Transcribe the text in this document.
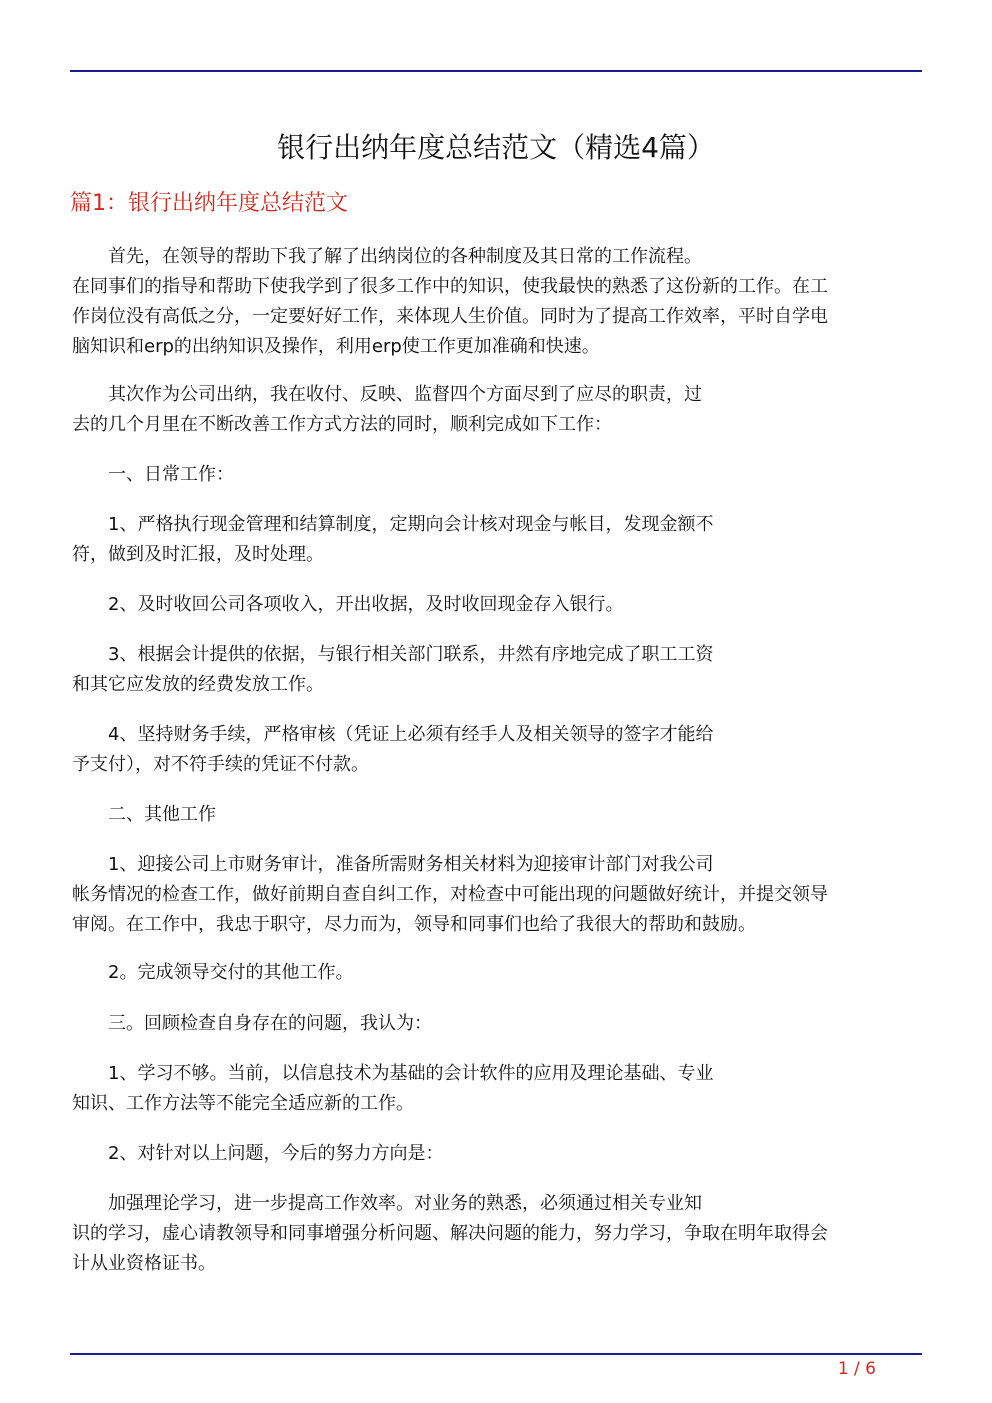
银行出纳年度总结范文（精选4篇）
篇1：银行出纳年度总结范文
首先，在领导的帮助下我了解了出纳岗位的各种制度及其日常的工作流程。
在同事们的指导和帮助下使我学到了很多工作中的知识，使我最快的熟悉了这份新的工作。在工
作岗位没有高低之分，一定要好好工作，来体现人生价值。同时为了提高工作效率，平时自学电
脑知识和erp的出纳知识及操作，利用erp使工作更加准确和快速。
其次作为公司出纳，我在收付、反映、监督四个方面尽到了应尽的职责，过
去的几个月里在不断改善工作方式方法的同时，顺利完成如下工作：
一、日常工作：
1、严格执行现金管理和结算制度，定期向会计核对现金与帐目，发现金额不
符，做到及时汇报，及时处理。
2、及时收回公司各项收入，开出收据，及时收回现金存入银行。
3、根据会计提供的依据，与银行相关部门联系，井然有序地完成了职工工资
和其它应发放的经费发放工作。
4、坚持财务手续，严格审核（凭证上必须有经手人及相关领导的签字才能给
予支付），对不符手续的凭证不付款。
二、其他工作
1、迎接公司上市财务审计，准备所需财务相关材料为迎接审计部门对我公司
帐务情况的检查工作，做好前期自查自纠工作，对检查中可能出现的问题做好统计，并提交领导
审阅。在工作中，我忠于职守，尽力而为，领导和同事们也给了我很大的帮助和鼓励。
2。完成领导交付的其他工作。
三。回顾检查自身存在的问题，我认为：
1、学习不够。当前，以信息技术为基础的会计软件的应用及理论基础、专业
知识、工作方法等不能完全适应新的工作。
2、对针对以上问题，今后的努力方向是：
加强理论学习，进一步提高工作效率。对业务的熟悉，必须通过相关专业知
识的学习，虚心请教领导和同事增强分析问题、解决问题的能力，努力学习，争取在明年取得会
计从业资格证书。
1 / 6
